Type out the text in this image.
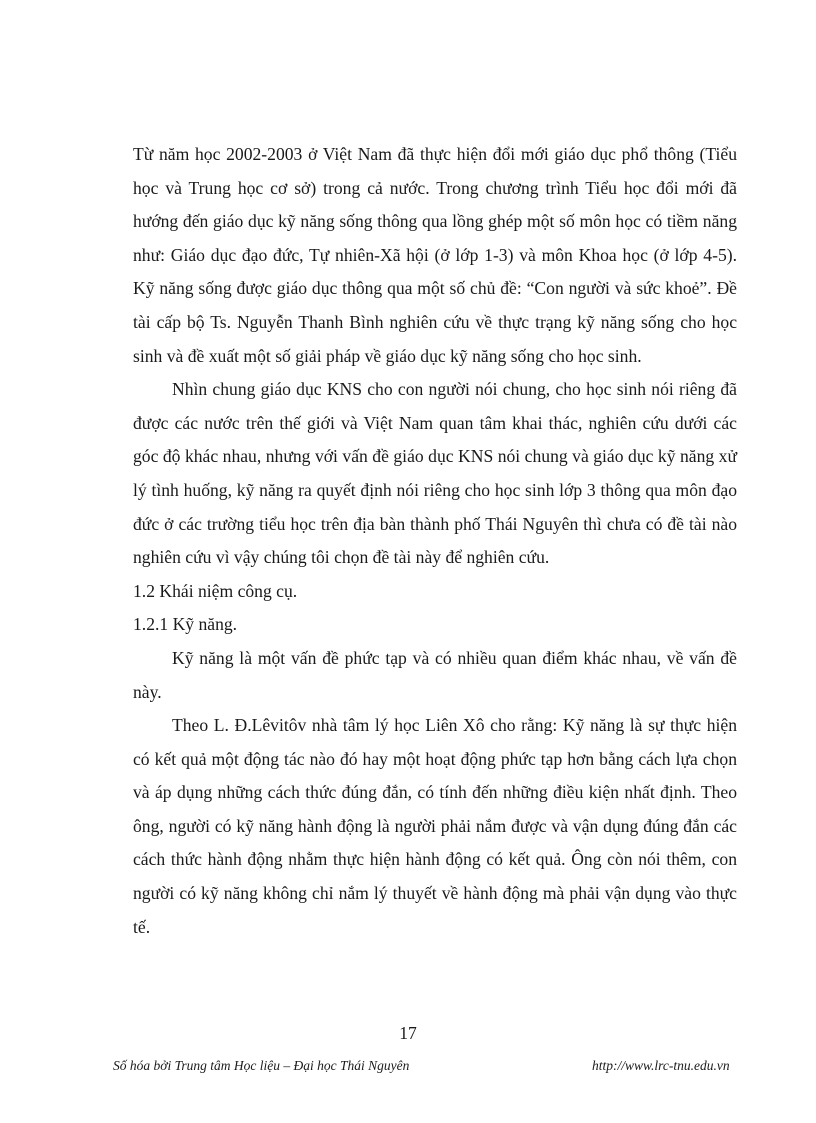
Từ năm học 2002-2003 ở Việt Nam đã thực hiện đổi mới giáo dục phổ thông (Tiểu học và Trung học cơ sở) trong cả nước. Trong chương trình Tiểu học đổi mới đã hướng đến giáo dục kỹ năng sống thông qua lồng ghép một số môn học có tiềm năng như: Giáo dục đạo đức, Tự nhiên-Xã hội (ở lớp 1-3) và môn Khoa học (ở lớp 4-5). Kỹ năng sống được giáo dục thông qua một số chủ đề: “Con người và sức khoẻ”. Đề tài cấp bộ Ts. Nguyễn Thanh Bình nghiên cứu về thực trạng kỹ năng sống cho học sinh và đề xuất một số giải pháp về giáo dục kỹ năng sống cho học sinh.

Nhìn chung giáo dục KNS cho con người nói chung, cho học sinh nói riêng đã được các nước trên thế giới và Việt Nam quan tâm khai thác, nghiên cứu dưới các góc độ khác nhau, nhưng với vấn đề giáo dục KNS nói chung và giáo dục kỹ năng xử lý tình huống, kỹ năng ra quyết định nói riêng cho học sinh lớp 3 thông qua môn đạo đức ở các trường tiểu học trên địa bàn thành phố Thái Nguyên thì chưa có đề tài nào nghiên cứu vì vậy chúng tôi chọn đề tài này để nghiên cứu.

1.2 Khái niệm công cụ.

1.2.1 Kỹ năng.

Kỹ năng là một vấn đề phức tạp và có nhiều quan điểm khác nhau, về vấn đề này.

Theo L. Đ.Lêvitôv nhà tâm lý học Liên Xô cho rằng: Kỹ năng là sự thực hiện có kết quả một động tác nào đó hay một hoạt động phức tạp hơn bằng cách lựa chọn và áp dụng những cách thức đúng đắn, có tính đến những điều kiện nhất định. Theo ông, người có kỹ năng hành động là người phải nắm được và vận dụng đúng đắn các cách thức hành động nhằm thực hiện hành động có kết quả. Ông còn nói thêm, con người có kỹ năng không chỉ nắm lý thuyết về hành động mà phải vận dụng vào thực tế.

17
Số hóa bởi Trung tâm Học liệu – Đại học Thái Nguyên	http://www.lrc-tnu.edu.vn
